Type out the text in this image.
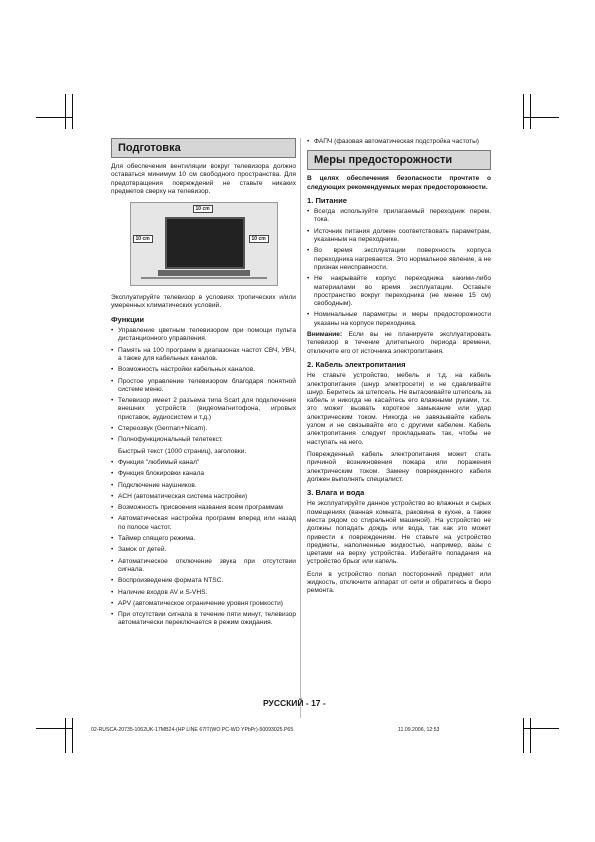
Подготовка
Для обеспечения вентиляции вокруг телевизора должно оставаться минимум 10 см свободного пространства. Для предотвращения повреждений не ставьте никаких предметов сверху на телевизор.
10 cm
10 cm	10 cm
Эксплуатируйте телевизор в условиях тропических и/или умеренных климатических условий.
Функции
• Управление цветным телевизором при помощи пульта дистанционного управления.
• Память на 100 программ в диапазонах частот СВЧ, УВЧ, а также для кабельных каналов.
• Возможность настройки кабельных каналов.
• Простое управление телевизором благодаря понятной системе меню.
• Телевизор имеет 2 разъема типа Scart для подключения внешних устройств (видеомагнитофона, игровых приставок, аудиосистем и т.д.)
• Стереозвук (German+Nicam).
• Полнофункциональный телетекст.
Быстрый текст (1000 страниц), заголовки.
• Функция "любимый канал"
• Функция блокировки канала
• Подключение наушников.
• ACH (автоматическая система настройки)
• Возможность присвоения названия всем программам
• Автоматическая настройка программ вперед или назад по полосе частот.
• Таймер спящего режима.
• Замок от детей.
• Автоматическое отключение звука при отсутствии сигнала.
• Воспроизведение формата NTSC.
• Наличие входов AV и S-VHS.
• APV (автоматическое ограничение уровня громкости)
• При отсутствии сигнала в течение пяти минут, телевизор автоматически переключается в режим ожидания.
• ФАПЧ (фазовая автоматическая подстройка частоты)
Меры предосторожности
В целях обеспечения безопасности прочтите о следующих рекомендуемых мерах предосторожности.
1. Питание
• Всегда используйте прилагаемый переходник перем. тока.
• Источник питания должен соответствовать параметрам, указанным на переходнике.
• Во время эксплуатации поверхность корпуса переходника нагревается. Это нормальное явление, а не признак неисправности.
• Не накрывайте корпус переходника какими-либо материалами во время эксплуатации. Оставьте пространство вокруг переходника (не менее 15 см) свободным).
• Номинальные параметры и меры предосторожности указаны на корпусе переходника.
Внимание: Если вы не планируете эксплуатировать телевизор в течение длительного периода времени, отключите его от источника электропитания.
2. Кабель электропитания
Не ставьте устройство, мебель и т.д. на кабель электропитания (шнур электросети) и не сдавливайте шнур. Беритесь за штепсель. Не вытаскивайте штепсель за кабель и никогда не касайтесь его влажными руками, т.к. это может вызвать короткое замыкание или удар электрическим током. Никогда не завязывайте кабель узлом и не связывайте его с другими кабелем. Кабель электропитания следует прокладывать так, чтобы не наступать на него.
Поврежденный кабель электропитания может стать причиной возникновения пожара или поражения электрическим током. Замену поврежденного кабеля должен выполнять специалист.
3. Влага и вода
Не эксплуатируйте данное устройство во влажных и сырых помещениях (ванная комната, раковина в кухне, а также места рядом со стиральной машиной). На устройство не должны попадать дождь или вода, так как это может привести к повреждениям. Не ставьте на устройство предметы, наполненные жидкостью, например, вазы с цветами на верху устройства. Избегайте попадания на устройство брызг или капель.
Если в устройство попал посторонний предмет или жидкость, отключите аппарат от сети и обратитесь в бюро ремонта.
РУССКИЙ - 17 -
02-RUSCA-20735-1062UK-17MB24-(HP LINE 67IT(WO PC-WO YPbPr)-50093025.P65	11.09.2006, 12:53
